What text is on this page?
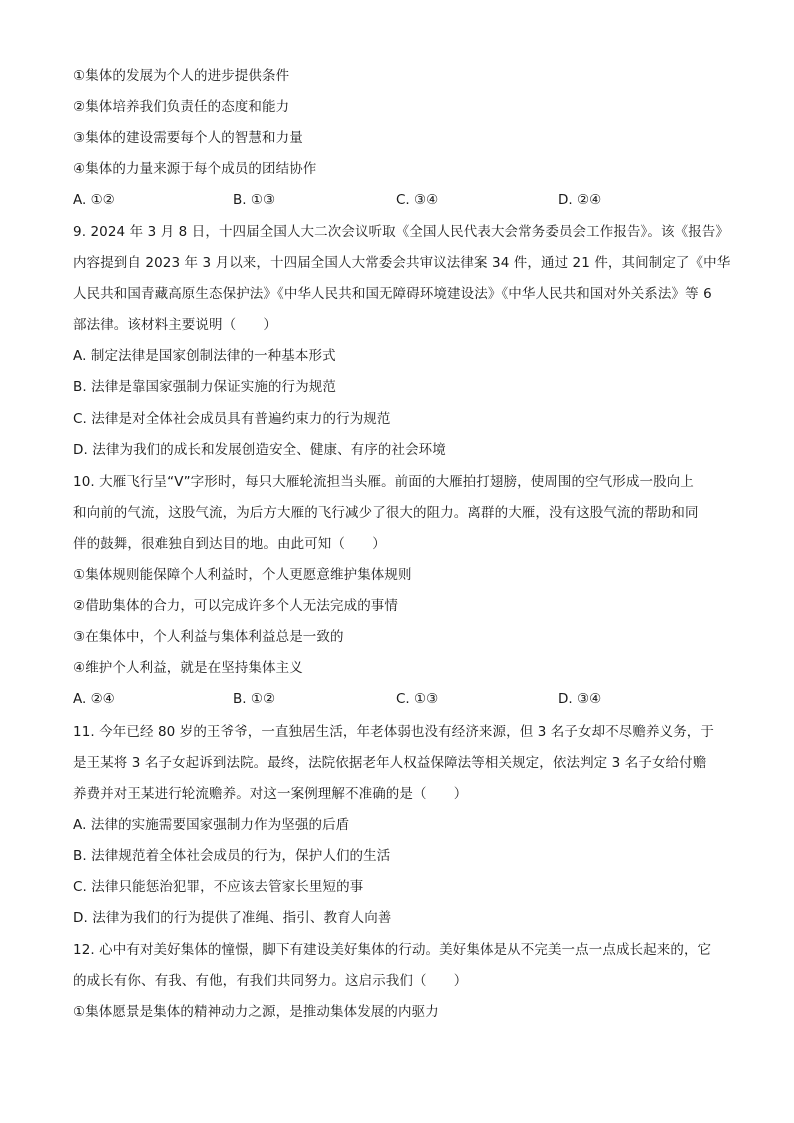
①集体的发展为个人的进步提供条件
②集体培养我们负责任的态度和能力
③集体的建设需要每个人的智慧和力量
④集体的力量来源于每个成员的团结协作
A. ①②	B. ①③	C. ③④	D. ②④
9. 2024 年 3 月 8 日，十四届全国人大二次会议听取《全国人民代表大会常务委员会工作报告》。该《报告》
内容提到自 2023 年 3 月以来，十四届全国人大常委会共审议法律案 34 件，通过 21 件，其间制定了《中华
人民共和国青藏高原生态保护法》《中华人民共和国无障碍环境建设法》《中华人民共和国对外关系法》等 6
部法律。该材料主要说明（　　）
A. 制定法律是国家创制法律的一种基本形式
B. 法律是靠国家强制力保证实施的行为规范
C. 法律是对全体社会成员具有普遍约束力的行为规范
D. 法律为我们的成长和发展创造安全、健康、有序的社会环境
10. 大雁飞行呈“V”字形时，每只大雁轮流担当头雁。前面的大雁拍打翅膀，使周围的空气形成一股向上
和向前的气流，这股气流，为后方大雁的飞行减少了很大的阻力。离群的大雁，没有这股气流的帮助和同
伴的鼓舞，很难独自到达目的地。由此可知（　　）
①集体规则能保障个人利益时，个人更愿意维护集体规则
②借助集体的合力，可以完成许多个人无法完成的事情
③在集体中，个人利益与集体利益总是一致的
④维护个人利益，就是在坚持集体主义
A. ②④	B. ①②	C. ①③	D. ③④
11. 今年已经 80 岁的王爷爷，一直独居生活，年老体弱也没有经济来源，但 3 名子女却不尽赡养义务，于
是王某将 3 名子女起诉到法院。最终，法院依据老年人权益保障法等相关规定，依法判定 3 名子女给付赡
养费并对王某进行轮流赡养。对这一案例理解不准确的是（　　）
A. 法律的实施需要国家强制力作为坚强的后盾
B. 法律规范着全体社会成员的行为，保护人们的生活
C. 法律只能惩治犯罪，不应该去管家长里短的事
D. 法律为我们的行为提供了准绳、指引、教育人向善
12. 心中有对美好集体的憧憬，脚下有建设美好集体的行动。美好集体是从不完美一点一点成长起来的，它
的成长有你、有我、有他，有我们共同努力。这启示我们（　　）
①集体愿景是集体的精神动力之源，是推动集体发展的内驱力
